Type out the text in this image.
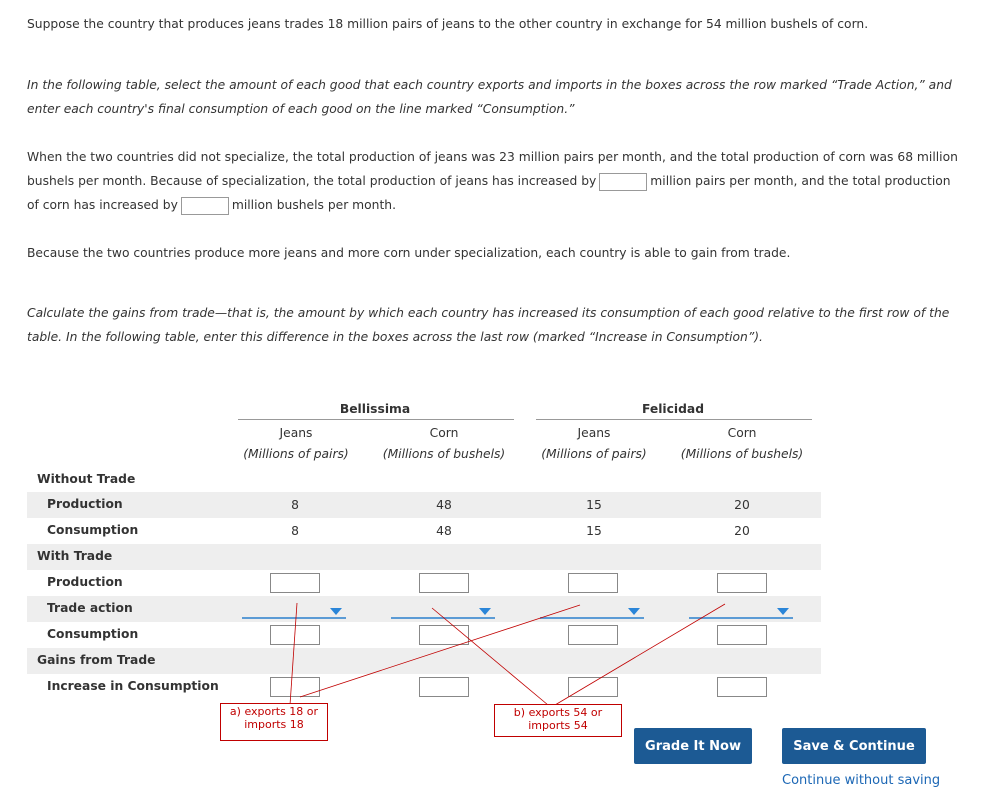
Suppose the country that produces jeans trades 18 million pairs of jeans to the other country in exchange for 54 million bushels of corn.

In the following table, select the amount of each good that each country exports and imports in the boxes across the row marked “Trade Action,” and enter each country's final consumption of each good on the line marked “Consumption.”

When the two countries did not specialize, the total production of jeans was 23 million pairs per month, and the total production of corn was 68 million bushels per month. Because of specialization, the total production of jeans has increased by	million pairs per month, and the total production of corn has increased by	million bushels per month.

Because the two countries produce more jeans and more corn under specialization, each country is able to gain from trade.

Calculate the gains from trade—that is, the amount by which each country has increased its consumption of each good relative to the first row of the table. In the following table, enter this difference in the boxes across the last row (marked “Increase in Consumption”).

Bellissima	Felicidad
Jeans	Corn	Jeans	Corn
(Millions of pairs)	(Millions of bushels)	(Millions of pairs)	(Millions of bushels)
Without Trade
Production	8	48	15	20
Consumption	8	48	15	20
With Trade
Production
Trade action
Consumption
Gains from Trade
Increase in Consumption
a) exports 18 or imports 18
b) exports 54 or imports 54
Grade It Now	Save & Continue
Continue without saving
